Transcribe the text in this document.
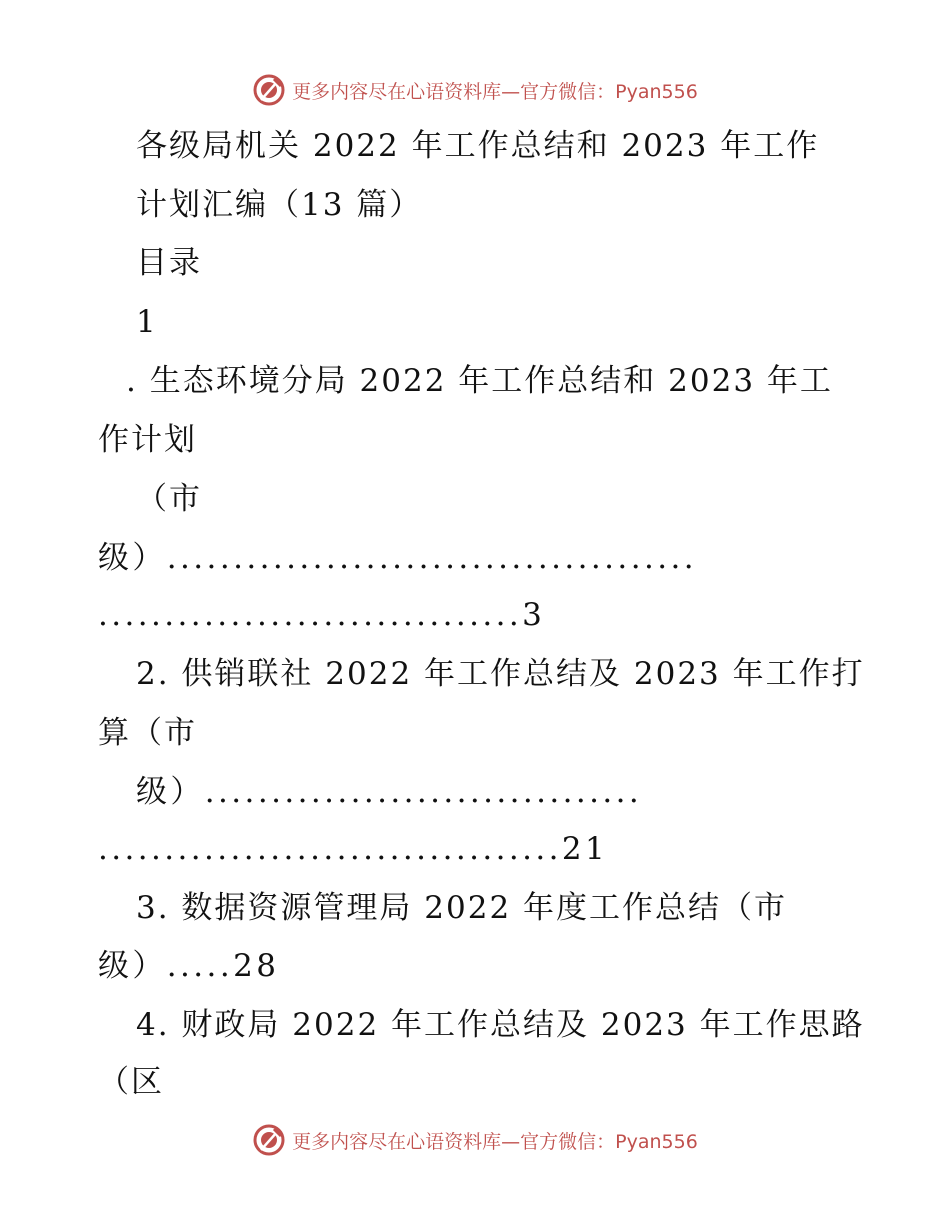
更多内容尽在心语资料库—官方微信：Pyan556
各级局机关 2022 年工作总结和 2023 年工作
计划汇编（13 篇）
目录
1
. 生态环境分局 2022 年工作总结和 2023 年工
作计划
（市
级）........................................
................................3
2. 供销联社 2022 年工作总结及 2023 年工作打
算（市
级）.................................
...................................21
3. 数据资源管理局 2022 年度工作总结（市
级）.....28
4. 财政局 2022 年工作总结及 2023 年工作思路
（区
更多内容尽在心语资料库—官方微信：Pyan556
